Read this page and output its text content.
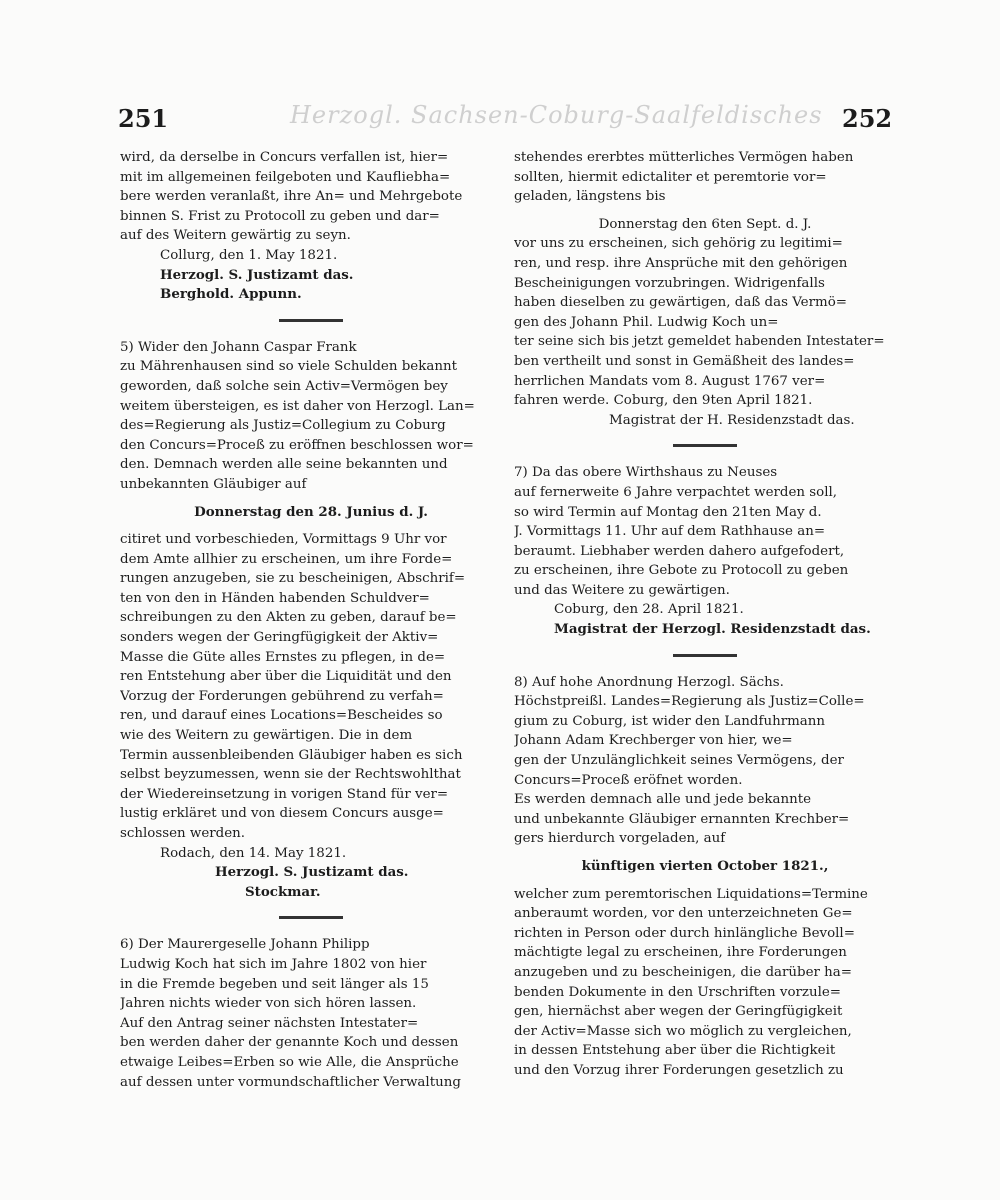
251	Herzogl. Sachsen-Coburg-Saalfeldisches 252
wird, da derselbe in Concurs verfallen ist, hier=
mit im allgemeinen feilgeboten und Kaufliebha=
bere werden veranlaßt, ihre An= und Mehrgebote
binnen S. Frist zu Protocoll zu geben und dar=
auf des Weitern gewärtig zu seyn.
Collurg, den 1. May 1821.
Herzogl. S. Justizamt das.
Berghold. Appunn.
5) Wider den Johann Caspar Frank
zu Mährenhausen sind so viele Schulden bekannt
geworden, daß solche sein Activ=Vermögen bey
weitem übersteigen, es ist daher von Herzogl. Lan=
des=Regierung als Justiz=Collegium zu Coburg
den Concurs=Proceß zu eröffnen beschlossen wor=
den. Demnach werden alle seine bekannten und
unbekannten Gläubiger auf
Donnerstag den 28. Junius d. J.
citiret und vorbeschieden, Vormittags 9 Uhr vor
dem Amte allhier zu erscheinen, um ihre Forde=
rungen anzugeben, sie zu bescheinigen, Abschrif=
ten von den in Händen habenden Schuldver=
schreibungen zu den Akten zu geben, darauf be=
sonders wegen der Geringfügigkeit der Aktiv=
Masse die Güte alles Ernstes zu pflegen, in de=
ren Entstehung aber über die Liquidität und den
Vorzug der Forderungen gebührend zu verfah=
ren, und darauf eines Locations=Bescheides so
wie des Weitern zu gewärtigen. Die in dem
Termin aussenbleibenden Gläubiger haben es sich
selbst beyzumessen, wenn sie der Rechtswohlthat
der Wiedereinsetzung in vorigen Stand für ver=
lustig erkläret und von diesem Concurs ausge=
schlossen werden.
Rodach, den 14. May 1821.
Herzogl. S. Justizamt das.
Stockmar.
6) Der Maurergeselle Johann Philipp
Ludwig Koch hat sich im Jahre 1802 von hier
in die Fremde begeben und seit länger als 15
Jahren nichts wieder von sich hören lassen.
Auf den Antrag seiner nächsten Intestater=
ben werden daher der genannte Koch und dessen
etwaige Leibes=Erben so wie Alle, die Ansprüche
auf dessen unter vormundschaftlicher Verwaltung
stehendes ererbtes mütterliches Vermögen haben
sollten, hiermit edictaliter et peremtorie vor=
geladen, längstens bis
Donnerstag den 6ten Sept. d. J.
vor uns zu erscheinen, sich gehörig zu legitimi=
ren, und resp. ihre Ansprüche mit den gehörigen
Bescheinigungen vorzubringen. Widrigenfalls
haben dieselben zu gewärtigen, daß das Vermö=
gen des Johann Phil. Ludwig Koch un=
ter seine sich bis jetzt gemeldet habenden Intestater=
ben vertheilt und sonst in Gemäßheit des landes=
herrlichen Mandats vom 8. August 1767 ver=
fahren werde. Coburg, den 9ten April 1821.
Magistrat der H. Residenzstadt das.
7) Da das obere Wirthshaus zu Neuses
auf fernerweite 6 Jahre verpachtet werden soll,
so wird Termin auf Montag den 21ten May d.
J. Vormittags 11. Uhr auf dem Rathhause an=
beraumt. Liebhaber werden dahero aufgefodert,
zu erscheinen, ihre Gebote zu Protocoll zu geben
und das Weitere zu gewärtigen.
Coburg, den 28. April 1821.
Magistrat der Herzogl. Residenzstadt das.
8) Auf hohe Anordnung Herzogl. Sächs.
Höchstpreißl. Landes=Regierung als Justiz=Colle=
gium zu Coburg, ist wider den Landfuhrmann
Johann Adam Krechberger von hier, we=
gen der Unzulänglichkeit seines Vermögens, der
Concurs=Proceß eröfnet worden.
Es werden demnach alle und jede bekannte
und unbekannte Gläubiger ernannten Krechber=
gers hierdurch vorgeladen, auf
künftigen vierten October 1821.,
welcher zum peremtorischen Liquidations=Termine
anberaumt worden, vor den unterzeichneten Ge=
richten in Person oder durch hinlängliche Bevoll=
mächtigte legal zu erscheinen, ihre Forderungen
anzugeben und zu bescheinigen, die darüber ha=
benden Dokumente in den Urschriften vorzule=
gen, hiernächst aber wegen der Geringfügigkeit
der Activ=Masse sich wo möglich zu vergleichen,
in dessen Entstehung aber über die Richtigkeit
und den Vorzug ihrer Forderungen gesetzlich zu
